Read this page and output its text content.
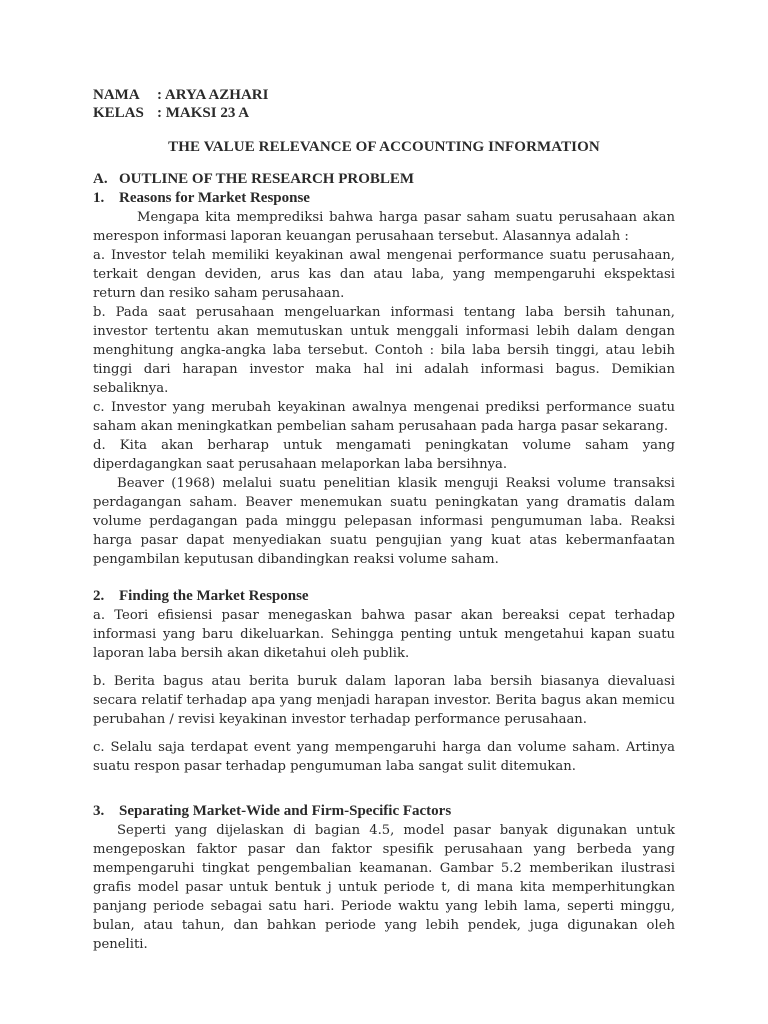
NAMA : ARYA AZHARI
KELAS : MAKSI 23 A
THE VALUE RELEVANCE OF ACCOUNTING INFORMATION
A. OUTLINE OF THE RESEARCH PROBLEM
1. Reasons for Market Response

Mengapa kita memprediksi bahwa harga pasar saham suatu perusahaan akan merespon informasi laporan keuangan perusahaan tersebut. Alasannya adalah :

a. Investor telah memiliki keyakinan awal mengenai performance suatu perusahaan, terkait dengan deviden, arus kas dan atau laba, yang mempengaruhi ekspektasi return dan resiko saham perusahaan.

b. Pada saat perusahaan mengeluarkan informasi tentang laba bersih tahunan, investor tertentu akan memutuskan untuk menggali informasi lebih dalam dengan menghitung angka-angka laba tersebut. Contoh : bila laba bersih tinggi, atau lebih tinggi dari harapan investor maka hal ini adalah informasi bagus. Demikian sebaliknya.

c. Investor yang merubah keyakinan awalnya mengenai prediksi performance suatu saham akan meningkatkan pembelian saham perusahaan pada harga pasar sekarang.

d. Kita akan berharap untuk mengamati peningkatan volume saham yang diperdagangkan saat perusahaan melaporkan laba bersihnya.

Beaver (1968) melalui suatu penelitian klasik menguji Reaksi volume transaksi perdagangan saham. Beaver menemukan suatu peningkatan yang dramatis dalam volume perdagangan pada minggu pelepasan informasi pengumuman laba. Reaksi harga pasar dapat menyediakan suatu pengujian yang kuat atas kebermanfaatan pengambilan keputusan dibandingkan reaksi volume saham.

2. Finding the Market Response

a. Teori efisiensi pasar menegaskan bahwa pasar akan bereaksi cepat terhadap informasi yang baru dikeluarkan. Sehingga penting untuk mengetahui kapan suatu laporan laba bersih akan diketahui oleh publik.

b. Berita bagus atau berita buruk dalam laporan laba bersih biasanya dievaluasi secara relatif terhadap apa yang menjadi harapan investor. Berita bagus akan memicu perubahan / revisi keyakinan investor terhadap performance perusahaan.

c. Selalu saja terdapat event yang mempengaruhi harga dan volume saham. Artinya suatu respon pasar terhadap pengumuman laba sangat sulit ditemukan.

3. Separating Market-Wide and Firm-Specific Factors

Seperti yang dijelaskan di bagian 4.5, model pasar banyak digunakan untuk mengeposkan faktor pasar dan faktor spesifik perusahaan yang berbeda yang mempengaruhi tingkat pengembalian keamanan. Gambar 5.2 memberikan ilustrasi grafis model pasar untuk bentuk j untuk periode t, di mana kita memperhitungkan panjang periode sebagai satu hari. Periode waktu yang lebih lama, seperti minggu, bulan, atau tahun, dan bahkan periode yang lebih pendek, juga digunakan oleh peneliti.
